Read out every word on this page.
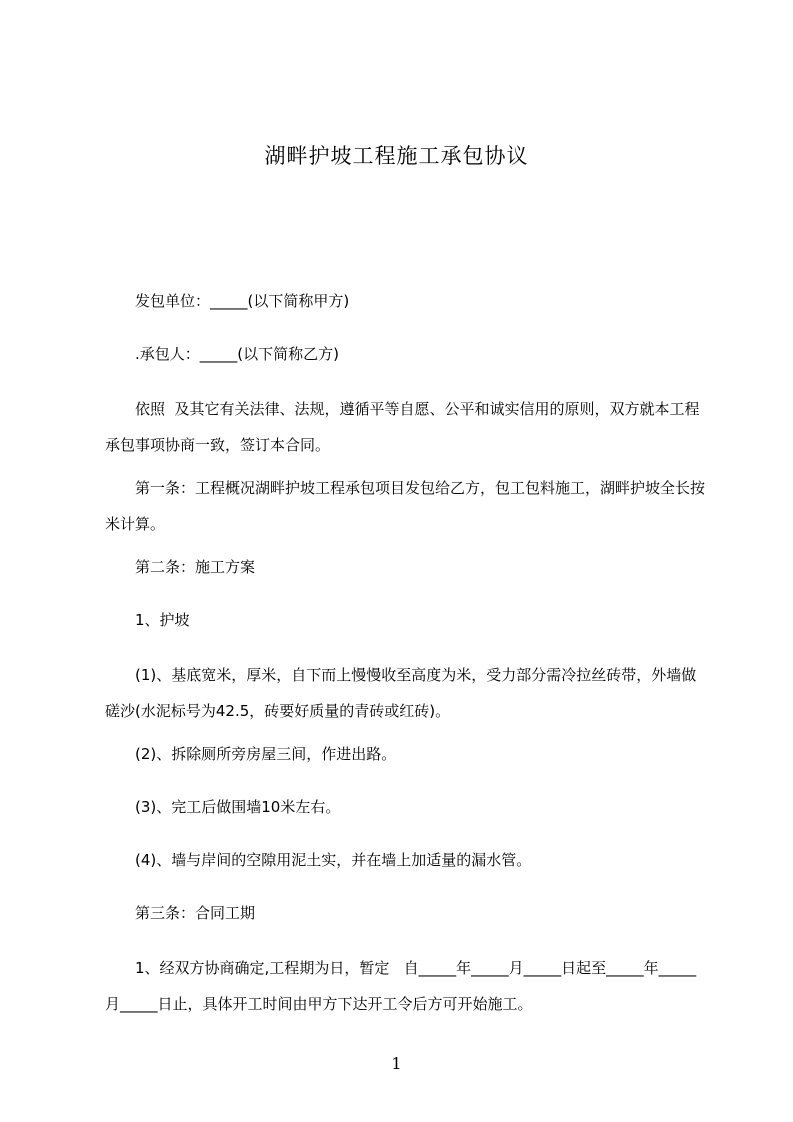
湖畔护坡工程施工承包协议
发包单位：_____(以下简称甲方)
.承包人：_____(以下简称乙方)
依照  及其它有关法律、法规，遵循平等自愿、公平和诚实信用的原则，双方就本工程承包事项协商一致，签订本合同。
第一条：工程概况湖畔护坡工程承包项目发包给乙方，包工包料施工，湖畔护坡全长按米计算。
第二条：施工方案
1、护坡
(1)、基底宽米，厚米，自下而上慢慢收至高度为米，受力部分需冷拉丝砖带，外墙做磋沙(水泥标号为42.5，砖要好质量的青砖或红砖)。
(2)、拆除厕所旁房屋三间，作进出路。
(3)、完工后做围墙10米左右。
(4)、墙与岸间的空隙用泥土实，并在墙上加适量的漏水管。
第三条：合同工期
1、经双方协商确定,工程期为日，暂定   自_____年_____月_____日起至_____年_____月_____日止，具体开工时间由甲方下达开工令后方可开始施工。
1
